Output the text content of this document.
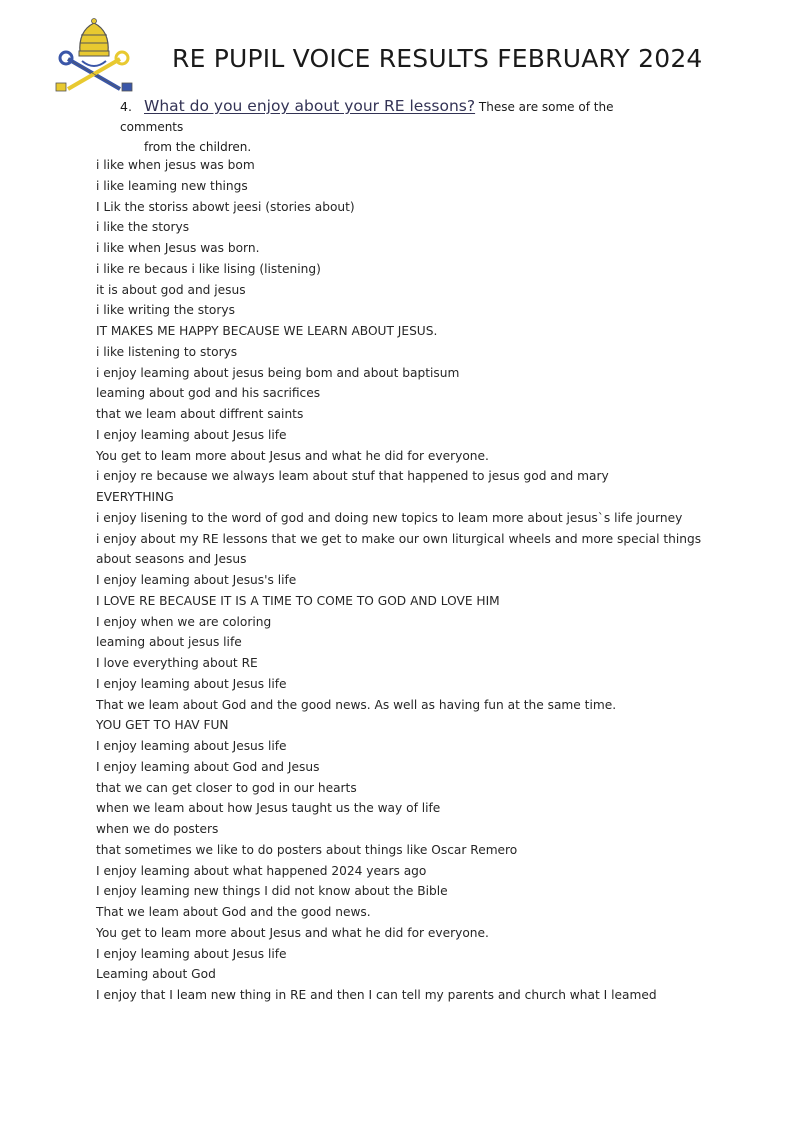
RE PUPIL VOICE RESULTS FEBRUARY 2024
4. What do you enjoy about your RE lessons? These are some of the comments
from the children.
i like when jesus was bom
i like leaming new things
I Lik the storiss abowt jeesi (stories about)
i like the storys
i like when Jesus was born.
i like re becaus i like lising (listening)
it is about god and jesus
i like writing the storys
IT MAKES ME HAPPY BECAUSE WE LEARN ABOUT JESUS.
i like listening to storys
i enjoy leaming about jesus being bom and about baptisum
leaming about god and his sacrifices
that we leam about diffrent saints
I enjoy leaming about Jesus life
You get to leam more about Jesus and what he did for everyone.
i enjoy re because we always leam about stuf that happened to jesus god and mary
EVERYTHING
i enjoy lisening to the word of god and doing new topics to leam more about jesus`s life journey
i enjoy about my RE lessons that we get to make our own liturgical wheels and more special things
about seasons and Jesus
I enjoy leaming about Jesus's life
I LOVE RE BECAUSE IT IS A TIME TO COME TO GOD AND LOVE HIM
I enjoy when we are coloring
leaming about jesus life
I love everything about RE
I enjoy leaming about Jesus life
That we leam about God and the good news. As well as having fun at the same time.
YOU GET TO HAV FUN
I enjoy leaming about Jesus life
I enjoy leaming about God and Jesus
that we can get closer to god in our hearts
when we leam about how Jesus taught us the way of life
when we do posters
that sometimes we like to do posters about things like Oscar Remero
I enjoy leaming about what happened 2024 years ago
I enjoy leaming new things I did not know about the Bible
That we leam about God and the good news.
You get to leam more about Jesus and what he did for everyone.
I enjoy leaming about Jesus life
Leaming about God
I enjoy that I leam new thing in RE and then I can tell my parents and church what I leamed
